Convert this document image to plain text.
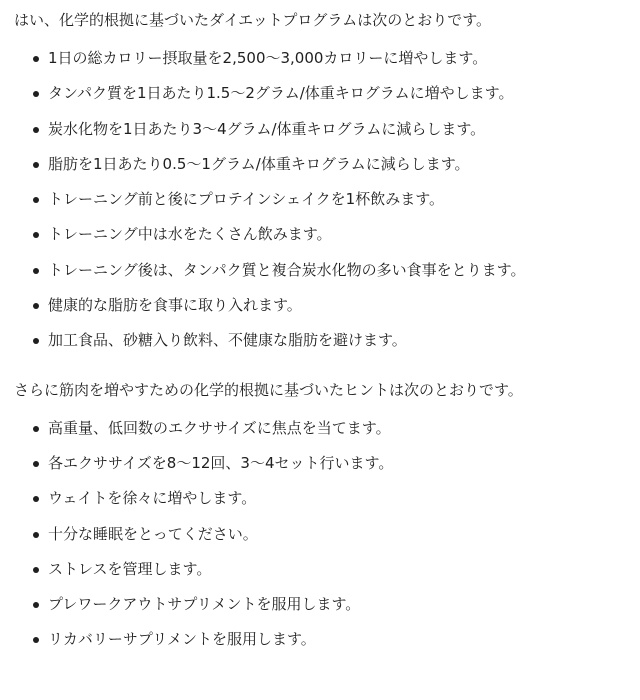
はい、化学的根拠に基づいたダイエットプログラムは次のとおりです。

1日の総カロリー摂取量を2,500〜3,000カロリーに増やします。
タンパク質を1日あたり1.5〜2グラム/体重キログラムに増やします。
炭水化物を1日あたり3〜4グラム/体重キログラムに減らします。
脂肪を1日あたり0.5〜1グラム/体重キログラムに減らします。
トレーニング前と後にプロテインシェイクを1杯飲みます。
トレーニング中は水をたくさん飲みます。
トレーニング後は、タンパク質と複合炭水化物の多い食事をとります。
健康的な脂肪を食事に取り入れます。
加工食品、砂糖入り飲料、不健康な脂肪を避けます。

さらに筋肉を増やすための化学的根拠に基づいたヒントは次のとおりです。

高重量、低回数のエクササイズに焦点を当てます。
各エクササイズを8〜12回、3〜4セット行います。
ウェイトを徐々に増やします。
十分な睡眠をとってください。
ストレスを管理します。
プレワークアウトサプリメントを服用します。
リカバリーサプリメントを服用します。
